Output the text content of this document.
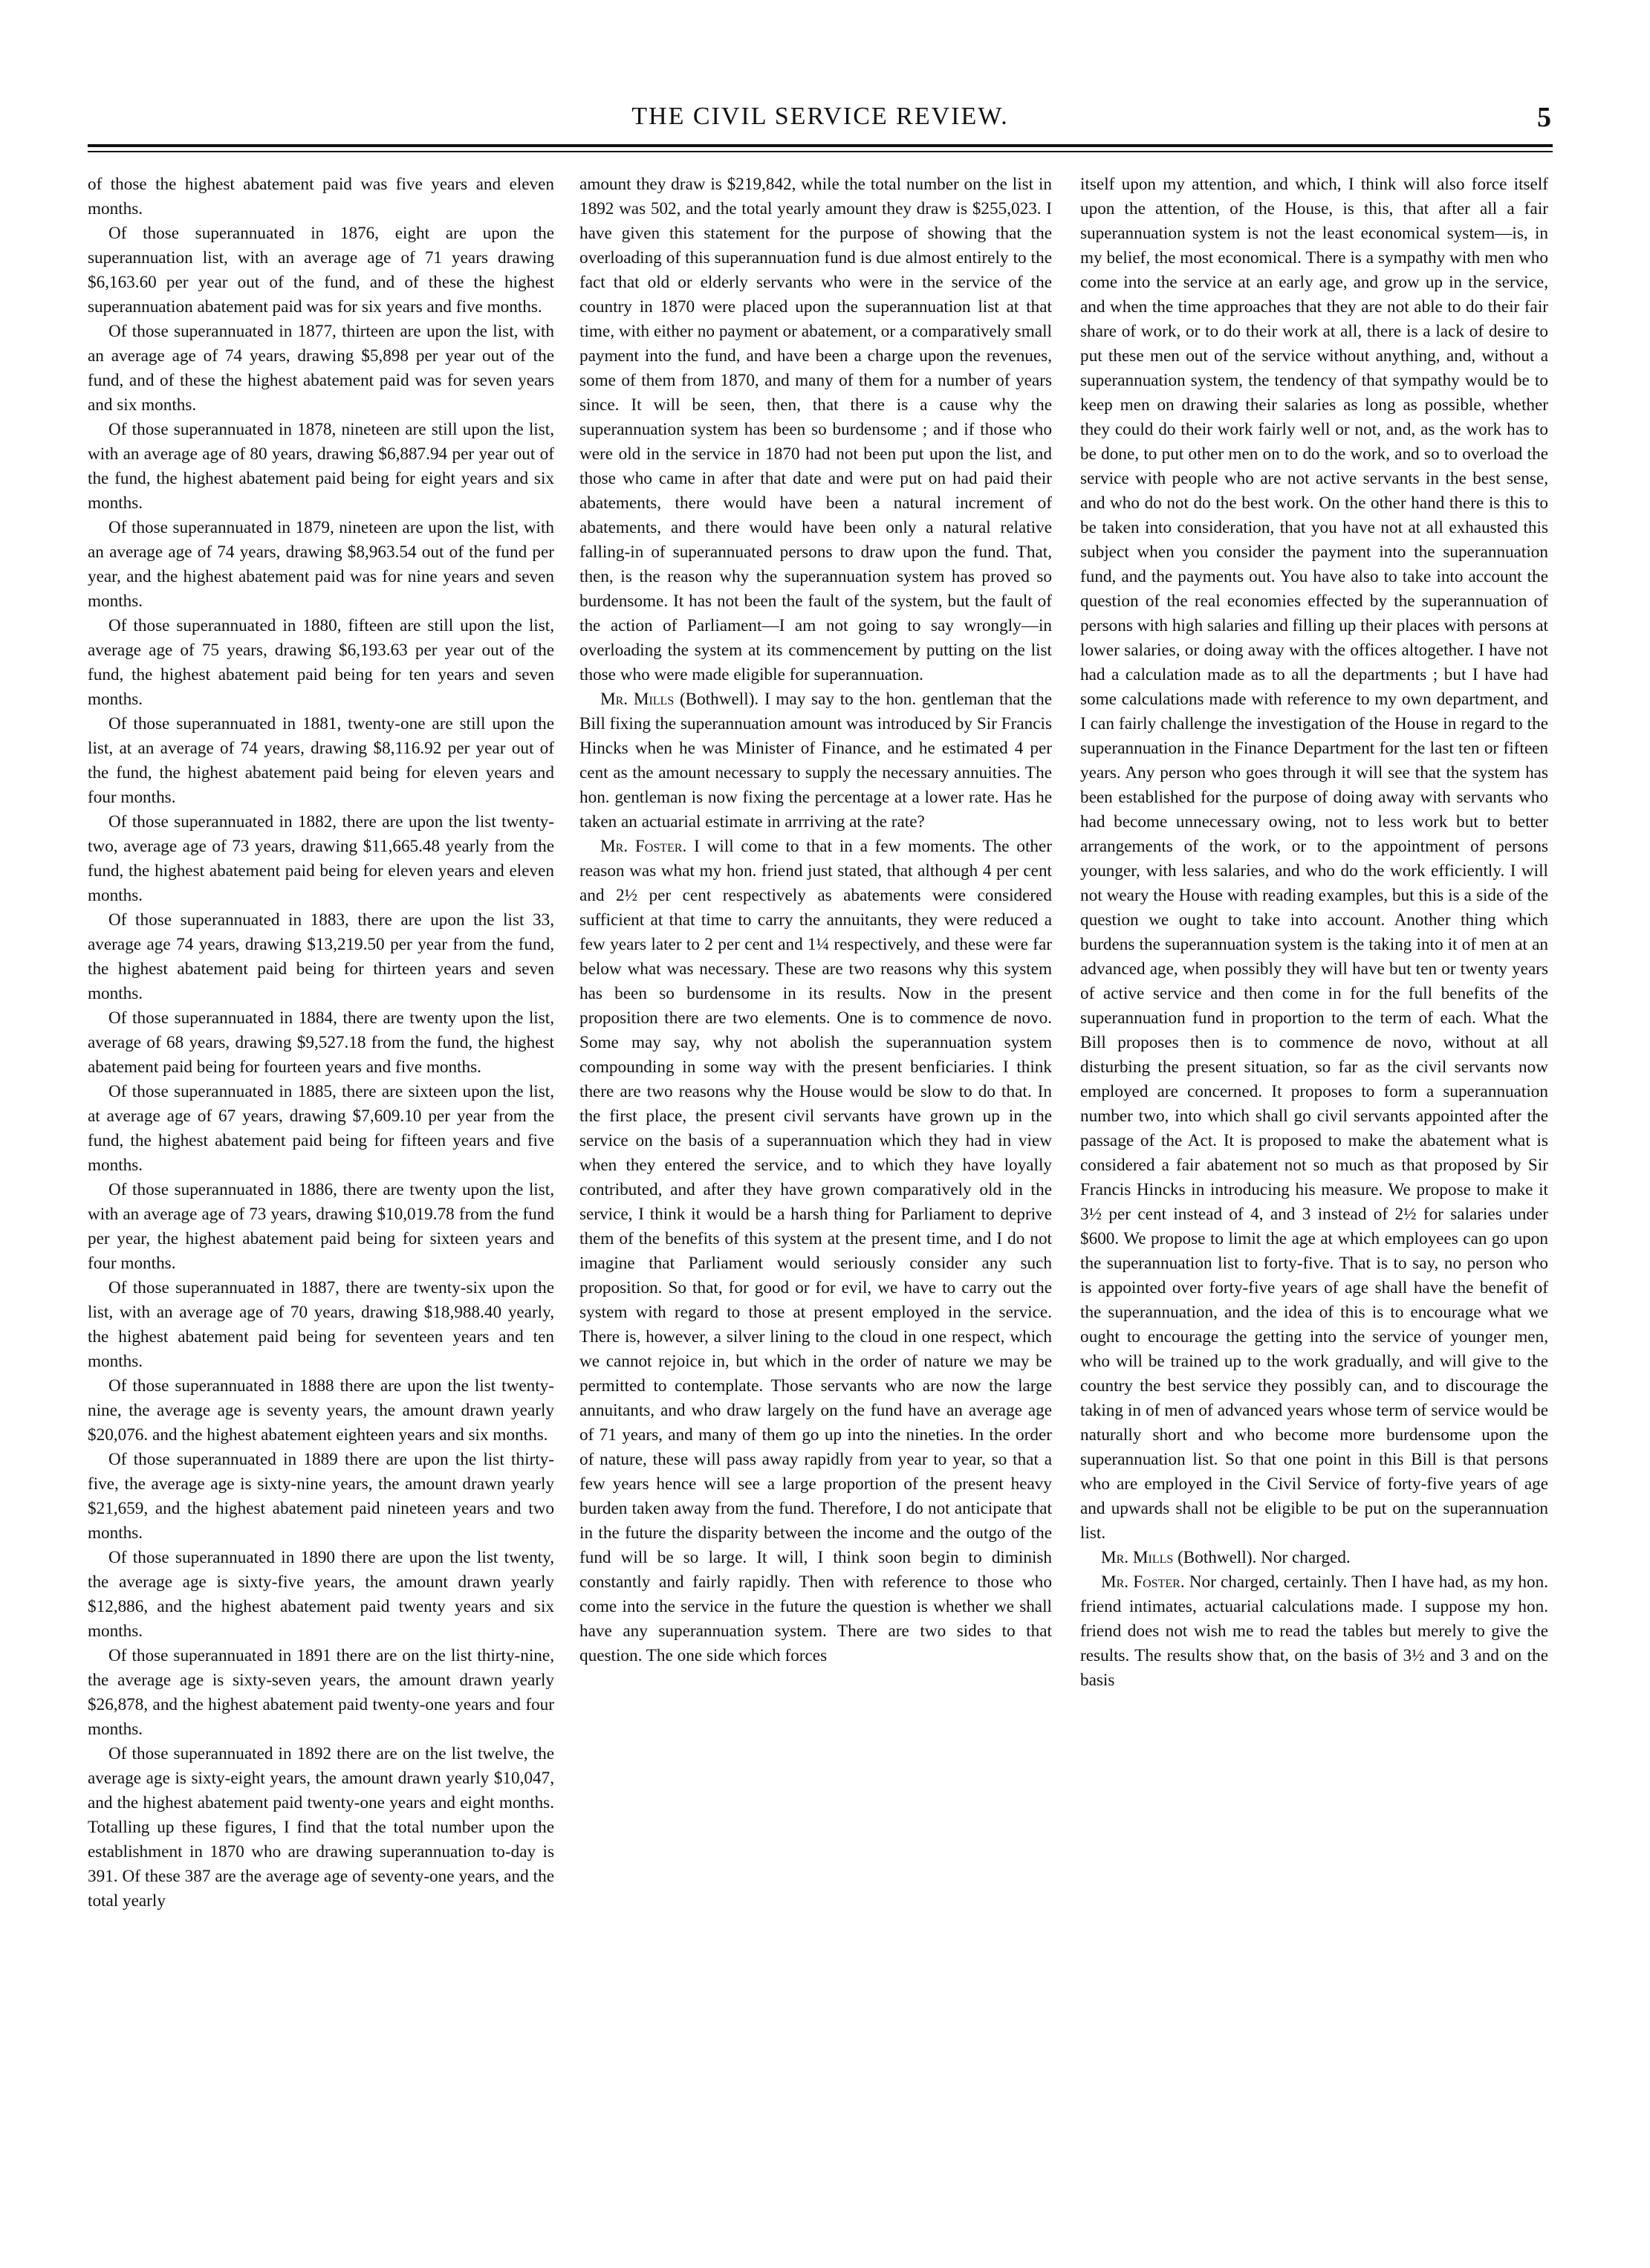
THE CIVIL SERVICE REVIEW.	5

of those the highest abatement paid was five years and eleven months.

Of those superannuated in 1876, eight are upon the superannuation list, with an average age of 71 years drawing $6,163.60 per year out of the fund, and of these the highest superannuation abatement paid was for six years and five months.

Of those superannuated in 1877, thirteen are upon the list, with an average age of 74 years, drawing $5,898 per year out of the fund, and of these the highest abatement paid was for seven years and six months.

Of those superannuated in 1878, nineteen are still upon the list, with an average age of 80 years, drawing $6,887.94 per year out of the fund, the highest abatement paid being for eight years and six months.

Of those superannuated in 1879, nineteen are upon the list, with an average age of 74 years, drawing $8,963.54 out of the fund per year, and the highest abatement paid was for nine years and seven months.

Of those superannuated in 1880, fifteen are still upon the list, average age of 75 years, drawing $6,193.63 per year out of the fund, the highest abatement paid being for ten years and seven months.

Of those superannuated in 1881, twenty-one are still upon the list, at an average of 74 years, drawing $8,116.92 per year out of the fund, the highest abatement paid being for eleven years and four months.

Of those superannuated in 1882, there are upon the list twenty-two, average age of 73 years, drawing $11,665.48 yearly from the fund, the highest abatement paid being for eleven years and eleven months.

Of those superannuated in 1883, there are upon the list 33, average age 74 years, drawing $13,219.50 per year from the fund, the highest abatement paid being for thirteen years and seven months.

Of those superannuated in 1884, there are twenty upon the list, average of 68 years, drawing $9,527.18 from the fund, the highest abatement paid being for fourteen years and five months.

Of those superannuated in 1885, there are sixteen upon the list, at average age of 67 years, drawing $7,609.10 per year from the fund, the highest abatement paid being for fifteen years and five months.

Of those superannuated in 1886, there are twenty upon the list, with an average age of 73 years, drawing $10,019.78 from the fund per year, the highest abatement paid being for sixteen years and four months.

Of those superannuated in 1887, there are twenty-six upon the list, with an average age of 70 years, drawing $18,988.40 yearly, the highest abatement paid being for seventeen years and ten months.

Of those superannuated in 1888 there are upon the list twenty-nine, the average age is seventy years, the amount drawn yearly $20,076. and the highest abatement eighteen years and six months.

Of those superannuated in 1889 there are upon the list thirty-five, the average age is sixty-nine years, the amount drawn yearly $21,659, and the highest abatement paid nineteen years and two months.

Of those superannuated in 1890 there are upon the list twenty, the average age is sixty-five years, the amount drawn yearly $12,886, and the highest abatement paid twenty years and six months.

Of those superannuated in 1891 there are on the list thirty-nine, the average age is sixty-seven years, the amount drawn yearly $26,878, and the highest abatement paid twenty-one years and four months.

Of those superannuated in 1892 there are on the list twelve, the average age is sixty-eight years, the amount drawn yearly $10,047, and the highest abatement paid twenty-one years and eight months. Totalling up these figures, I find that the total number upon the establishment in 1870 who are drawing superannuation to-day is 391. Of these 387 are the average age of seventy-one years, and the total yearly

amount they draw is $219,842, while the total number on the list in 1892 was 502, and the total yearly amount they draw is $255,023. I have given this statement for the purpose of showing that the overloading of this superannuation fund is due almost entirely to the fact that old or elderly servants who were in the service of the country in 1870 were placed upon the superannuation list at that time, with either no payment or abatement, or a comparatively small payment into the fund, and have been a charge upon the revenues, some of them from 1870, and many of them for a number of years since. It will be seen, then, that there is a cause why the superannuation system has been so burdensome ; and if those who were old in the service in 1870 had not been put upon the list, and those who came in after that date and were put on had paid their abatements, there would have been a natural increment of abatements, and there would have been only a natural relative falling-in of superannuated persons to draw upon the fund. That, then, is the reason why the superannuation system has proved so burdensome. It has not been the fault of the system, but the fault of the action of Parliament—I am not going to say wrongly—in overloading the system at its commencement by putting on the list those who were made eligible for superannuation.

Mr. Mills (Bothwell). I may say to the hon. gentleman that the Bill fixing the superannuation amount was introduced by Sir Francis Hincks when he was Minister of Finance, and he estimated 4 per cent as the amount necessary to supply the necessary annuities. The hon. gentleman is now fixing the percentage at a lower rate. Has he taken an actuarial estimate in arrriving at the rate?

Mr. Foster. I will come to that in a few moments. The other reason was what my hon. friend just stated, that although 4 per cent and 2½ per cent respectively as abatements were considered sufficient at that time to carry the annuitants, they were reduced a few years later to 2 per cent and 1¼ respectively, and these were far below what was necessary. These are two reasons why this system has been so burdensome in its results. Now in the present proposition there are two elements. One is to commence de novo. Some may say, why not abolish the superannuation system compounding in some way with the present benficiaries. I think there are two reasons why the House would be slow to do that. In the first place, the present civil servants have grown up in the service on the basis of a superannuation which they had in view when they entered the service, and to which they have loyally contributed, and after they have grown comparatively old in the service, I think it would be a harsh thing for Parliament to deprive them of the benefits of this system at the present time, and I do not imagine that Parliament would seriously consider any such proposition. So that, for good or for evil, we have to carry out the system with regard to those at present employed in the service. There is, however, a silver lining to the cloud in one respect, which we cannot rejoice in, but which in the order of nature we may be permitted to contemplate. Those servants who are now the large annuitants, and who draw largely on the fund have an average age of 71 years, and many of them go up into the nineties. In the order of nature, these will pass away rapidly from year to year, so that a few years hence will see a large proportion of the present heavy burden taken away from the fund. Therefore, I do not anticipate that in the future the disparity between the income and the outgo of the fund will be so large. It will, I think soon begin to diminish constantly and fairly rapidly. Then with reference to those who come into the service in the future the question is whether we shall have any superannuation system. There are two sides to that question. The one side which forces

itself upon my attention, and which, I think will also force itself upon the attention, of the House, is this, that after all a fair superannuation system is not the least economical system—is, in my belief, the most economical. There is a sympathy with men who come into the service at an early age, and grow up in the service, and when the time approaches that they are not able to do their fair share of work, or to do their work at all, there is a lack of desire to put these men out of the service without anything, and, without a superannuation system, the tendency of that sympathy would be to keep men on drawing their salaries as long as possible, whether they could do their work fairly well or not, and, as the work has to be done, to put other men on to do the work, and so to overload the service with people who are not active servants in the best sense, and who do not do the best work. On the other hand there is this to be taken into consideration, that you have not at all exhausted this subject when you consider the payment into the superannuation fund, and the payments out. You have also to take into account the question of the real economies effected by the superannuation of persons with high salaries and filling up their places with persons at lower salaries, or doing away with the offices altogether. I have not had a calculation made as to all the departments ; but I have had some calculations made with reference to my own department, and I can fairly challenge the investigation of the House in regard to the superannuation in the Finance Department for the last ten or fifteen years. Any person who goes through it will see that the system has been established for the purpose of doing away with servants who had become unnecessary owing, not to less work but to better arrangements of the work, or to the appointment of persons younger, with less salaries, and who do the work efficiently. I will not weary the House with reading examples, but this is a side of the question we ought to take into account. Another thing which burdens the superannuation system is the taking into it of men at an advanced age, when possibly they will have but ten or twenty years of active service and then come in for the full benefits of the superannuation fund in proportion to the term of each. What the Bill proposes then is to commence de novo, without at all disturbing the present situation, so far as the civil servants now employed are concerned. It proposes to form a superannuation number two, into which shall go civil servants appointed after the passage of the Act. It is proposed to make the abatement what is considered a fair abatement not so much as that proposed by Sir Francis Hincks in introducing his measure. We propose to make it 3½ per cent instead of 4, and 3 instead of 2½ for salaries under $600. We propose to limit the age at which employees can go upon the superannuation list to forty-five. That is to say, no person who is appointed over forty-five years of age shall have the benefit of the superannuation, and the idea of this is to encourage what we ought to encourage the getting into the service of younger men, who will be trained up to the work gradually, and will give to the country the best service they possibly can, and to discourage the taking in of men of advanced years whose term of service would be naturally short and who become more burdensome upon the superannuation list. So that one point in this Bill is that persons who are employed in the Civil Service of forty-five years of age and upwards shall not be eligible to be put on the superannuation list.

Mr. Mills (Bothwell). Nor charged.

Mr. Foster. Nor charged, certainly. Then I have had, as my hon. friend intimates, actuarial calculations made. I suppose my hon. friend does not wish me to read the tables but merely to give the results. The results show that, on the basis of 3½ and 3 and on the basis
